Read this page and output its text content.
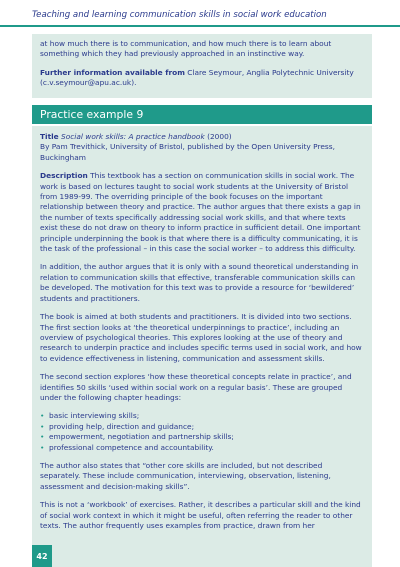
Teaching and learning communication skills in social work education

at how much there is to communication, and how much there is to learn about something which they had previously approached in an instinctive way.

Further information available from Clare Seymour, Anglia Polytechnic University (c.v.seymour@apu.ac.uk).

Practice example 9

Title Social work skills: A practice handbook (2000)
By Pam Trevithick, University of Bristol, published by the Open University Press, Buckingham

Description This textbook has a section on communication skills in social work. The work is based on lectures taught to social work students at the University of Bristol from 1989-99. The overriding principle of the book focuses on the important relationship between theory and practice. The author argues that there exists a gap in the number of texts specifically addressing social work skills, and that where texts exist these do not draw on theory to inform practice in sufficient detail. One important principle underpinning the book is that where there is a difficulty communicating, it is the task of the professional – in this case the social worker – to address this difficulty.

In addition, the author argues that it is only with a sound theoretical understanding in relation to communication skills that effective, transferable communication skills can be developed. The motivation for this text was to provide a resource for ‘bewildered’ students and practitioners.

The book is aimed at both students and practitioners. It is divided into two sections. The first section looks at ‘the theoretical underpinnings to practice’, including an overview of psychological theories. This explores looking at the use of theory and research to underpin practice and includes specific terms used in social work, and how to evidence effectiveness in listening, communication and assessment skills.

The second section explores ‘how these theoretical concepts relate in practice’, and identifies 50 skills ‘used within social work on a regular basis’. These are grouped under the following chapter headings:

• basic interviewing skills;
• providing help, direction and guidance;
• empowerment, negotiation and partnership skills;
• professional competence and accountability.

The author also states that “other core skills are included, but not described separately. These include communication, interviewing, observation, listening, assessment and decision-making skills”.

This is not a ‘workbook’ of exercises. Rather, it describes a particular skill and the kind of social work context in which it might be useful, often referring the reader to other texts. The author frequently uses examples from practice, drawn from her

42
